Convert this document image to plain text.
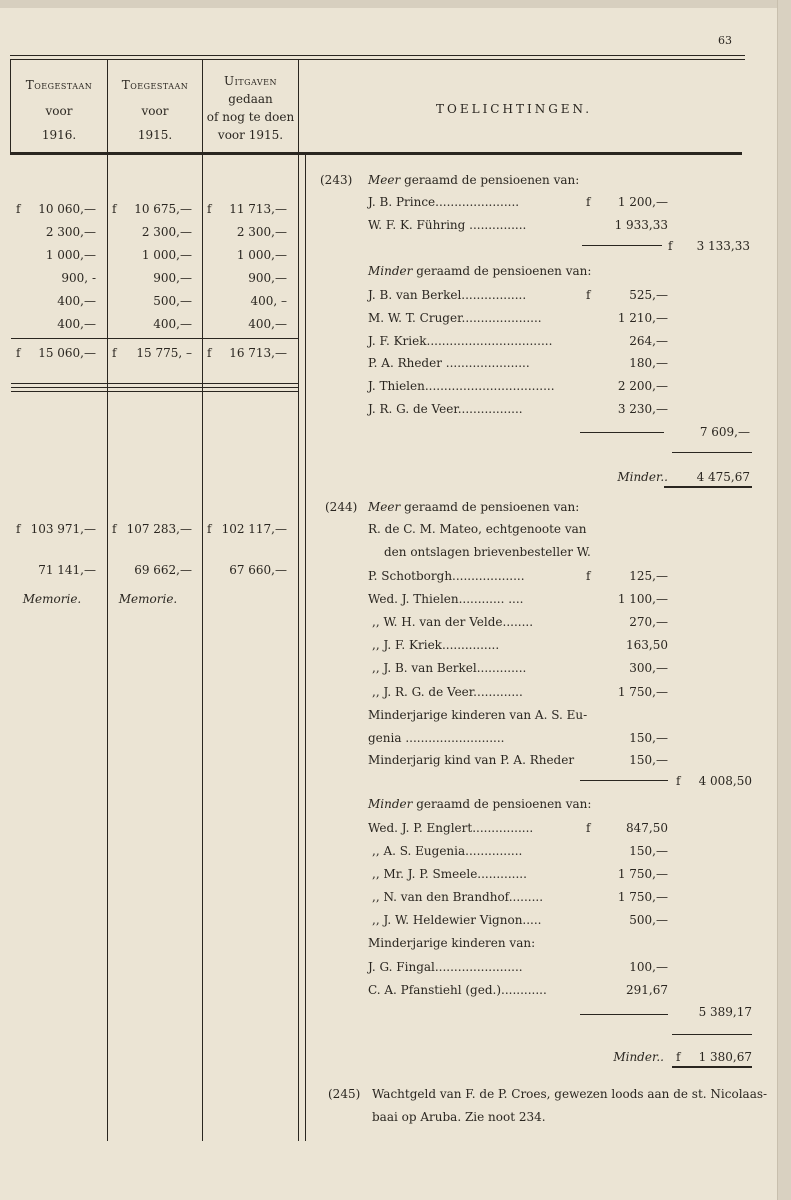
63
Toegestaan
voor
1916.
Toegestaan
voor
1915.
Uitgaven
gedaan
of nog te doen
voor 1915.
TOELICHTINGEN.
f	10 060,— f	10 675,— f	11 713,—
2 300,—	2 300,—	2 300,—
1 000,—	1 000,—	1 000,—
900, -	900,—	900,—
400,—	500,—	400, –
400,—	400,—	400,—
f	15 060,— f	15 775, – f	16 713,—
f 103 971,— f 107 283,— f 102 117,—
71 141,—	69 662,—	67 660,—
Memorie.	Memorie.
(243) Meer geraamd de pensioenen van:
J. B. Prince......................	f	1 200,—
W. F. K. Führing ...............	1 933,33
f	3 133,33
Minder geraamd de pensioenen van:
J. B. van Berkel.................	f	525,—
M. W. T. Cruger.....................	1 210,—
J. F. Kriek.................................	264,—
P. A. Rheder ......................	180,—
J. Thielen..................................	2 200,—
J. R. G. de Veer.................	3 230,—
7 609,—
Minder..	4 475,67
(244) Meer geraamd de pensioenen van:
R. de C. M. Mateo, echtgenoote van
den ontslagen brievenbesteller W.
P. Schotborgh...................	f	125,—
Wed. J. Thielen............ ....	1 100,—
,, W. H. van der Velde........	270,—
,, J. F. Kriek...............	163,50
,, J. B. van Berkel.............	300,—
,, J. R. G. de Veer.............	1 750,—
Minderjarige kinderen van A. S. Eu-
genia ..........................	150,—
Minderjarig kind van P. A. Rheder	150,—
f	4 008,50
Minder geraamd de pensioenen van:
Wed. J. P. Englert................	f	847,50
,, A. S. Eugenia...............	150,—
,, Mr. J. P. Smeele.............	1 750,—
,, N. van den Brandhof.........	1 750,—
,, J. W. Heldewier Vignon.....	500,—
Minderjarige kinderen van:
J. G. Fingal.......................	100,—
C. A. Pfanstiehl (ged.)............	291,67
5 389,17
Minder.. f	1 380,67
(245) Wachtgeld van F. de P. Croes, gewezen loods aan de st. Nicolaas-
baai op Aruba. Zie noot 234.
